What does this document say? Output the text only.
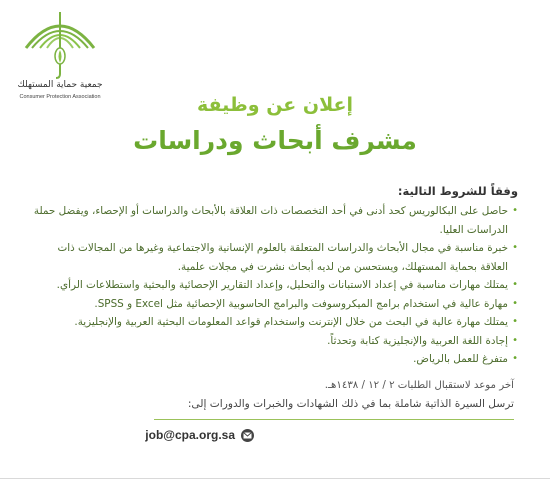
جمعية حماية المستهلك
Consumer Protection Association	إعلان عن وظيفة
مشرف أبحاث ودراسات
وفقاً للشروط التالية:
•
حاصل على البكالوريس كحد أدنى في أحد التخصصات ذات العلاقة بالأبحاث والدراسات أو الإحصاء، ويفضل حملة الدراسات العليا.
•
خبرة مناسبة في مجال الأبحاث والدراسات المتعلقة بالعلوم الإنسانية والاجتماعية وغيرها من المجالات ذات العلاقة بحماية المستهلك، ويستحسن من لديه أبحاث نشرت في مجلات علمية.
•
يمتلك مهارات مناسبة في إعداد الاستبانات والتحليل، وإعداد التقارير الإحصائية والبحثية واستطلاعات الرأي.
•
مهارة عالية في استخدام برامج الميكروسوفت والبرامج الحاسوبية الإحصائية مثل Excel و SPSS.
•
يمتلك مهارة عالية في البحث من خلال الإنترنت واستخدام قواعد المعلومات البحثية العربية والإنجليزية.
•
إجادة اللغة العربية والإنجليزية كتابة وتحدثاً.
•
متفرغ للعمل بالرياض.
آخر موعد لاستقبال الطلبات ٢ / ١٢ / ١٤٣٨هـ.
ترسل السيرة الذاتية شاملة بما في ذلك الشهادات والخبرات والدورات إلى:
job@cpa.org.sa
